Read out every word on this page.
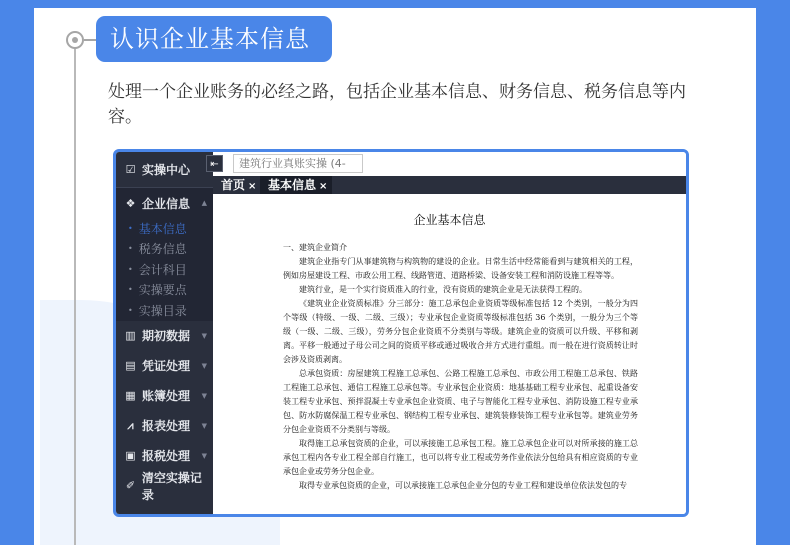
认识企业基本信息
处理一个企业账务的必经之路，包括企业基本信息、财务信息、税务信息等内容。
☑ 实操中心
❖ 企业信息 ▲
• 基本信息
• 税务信息
• 会计科目
• 实操要点
• 实操目录
▥ 期初数据 ▼
▤ 凭证处理 ▼
▦ 账簿处理 ▼
⩘ 报表处理 ▼
▣ 报税处理 ▼
✐
清空实操记录
⇤	建筑行业真账实操 (4-
首页 × 基本信息 ×
企业基本信息

一、建筑企业简介

建筑企业指专门从事建筑物与构筑物的建设的企业。日常生活中经常能看到与建筑相关的工程，例如房屋建设工程、市政公用工程、线路管道、道路桥梁、设备安装工程和消防设施工程等等。

建筑行业，是一个实行资质准入的行业，没有资质的建筑企业是无法获得工程的。

《建筑业企业资质标准》分三部分：施工总承包企业资质等级标准包括 12 个类别，一般分为四个等级（特级、一级、二级、三级）；专业承包企业资质等级标准包括 36 个类别，一般分为三个等级（一级、二级、三级），劳务分包企业资质不分类别与等级。建筑企业的资质可以升级、平移和剥离。平移一般通过子母公司之间的资质平移或通过吸收合并方式进行重组。而一般在进行资质转让时会涉及资质剥离。

总承包资质：房屋建筑工程施工总承包、公路工程施工总承包、市政公用工程施工总承包、铁路工程施工总承包、通信工程施工总承包等。专业承包企业资质：地基基础工程专业承包、起重设备安装工程专业承包、预拌混凝土专业承包企业资质、电子与智能化工程专业承包、消防设施工程专业承包、防水防腐保温工程专业承包、钢结构工程专业承包、建筑装修装饰工程专业承包等。建筑业劳务分包企业资质不分类别与等级。

取得施工总承包资质的企业，可以承接施工总承包工程。施工总承包企业可以对所承接的施工总承包工程内各专业工程全部自行施工，也可以将专业工程或劳务作业依法分包给具有相应资质的专业承包企业或劳务分包企业。

取得专业承包资质的企业，可以承接施工总承包企业分包的专业工程和建设单位依法发包的专
